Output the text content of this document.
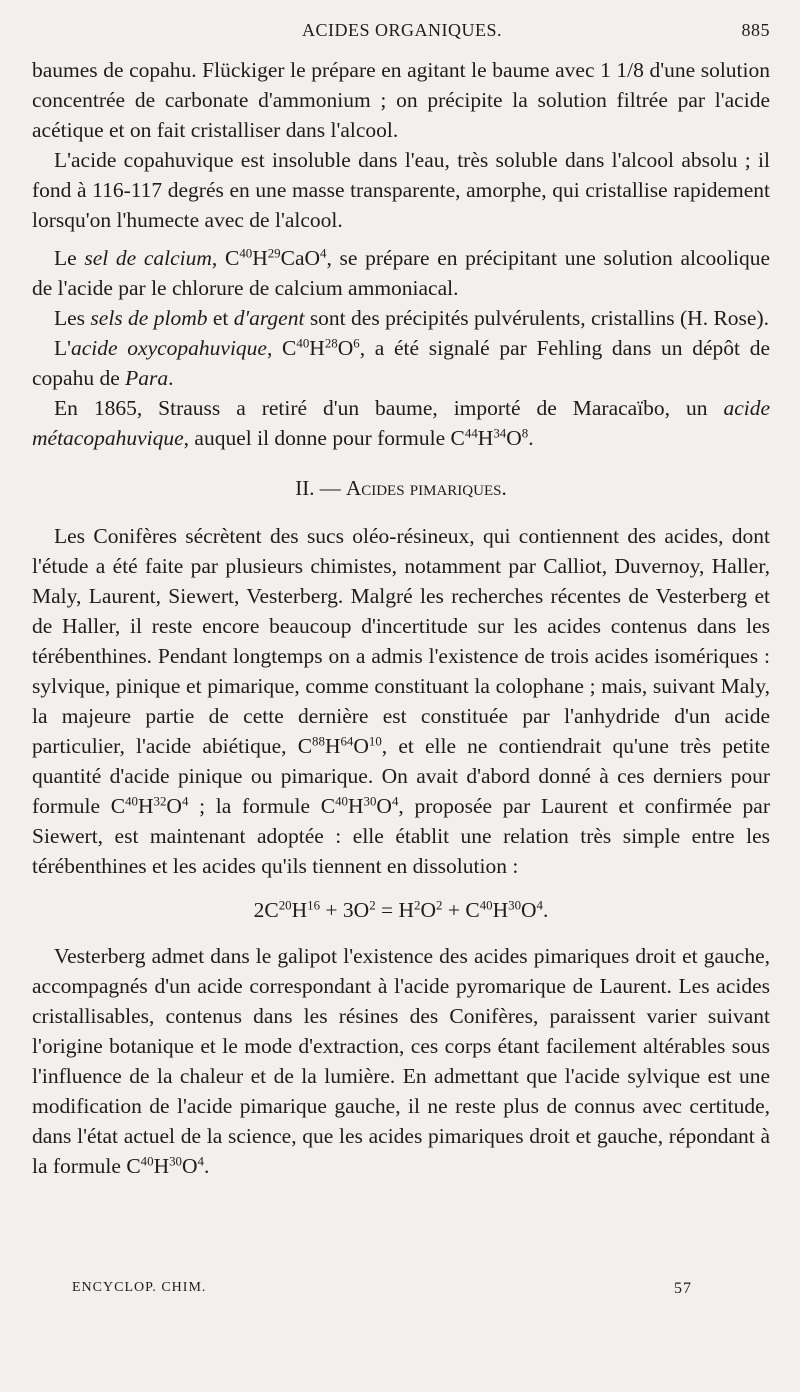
ACIDES ORGANIQUES.	885

baumes de copahu. Flückiger le prépare en agitant le baume avec 1 1/8 d'une solution concentrée de carbonate d'ammonium ; on précipite la solution filtrée par l'acide acétique et on fait cristalliser dans l'alcool.

L'acide copahuvique est insoluble dans l'eau, très soluble dans l'alcool absolu ; il fond à 116-117 degrés en une masse transparente, amorphe, qui cristallise rapidement lorsqu'on l'humecte avec de l'alcool.

Le sel de calcium, $C^{40}H^{29}CaO^4$, se prépare en précipitant une solution alcoolique de l'acide par le chlorure de calcium ammoniacal.

Les sels de plomb et d'argent sont des précipités pulvérulents, cristallins (H. Rose).

L'acide oxycopahuvique, $C^{40}H^{28}O^6$, a été signalé par Fehling dans un dépôt de copahu de Para.

En 1865, Strauss a retiré d'un baume, importé de Maracaïbo, un acide métacopahuvique, auquel il donne pour formule $C^{44}H^{34}O^8$.

II. — Acides pimariques.

Les Conifères sécrètent des sucs oléo-résineux, qui contiennent des acides, dont l'étude a été faite par plusieurs chimistes, notamment par Calliot, Duvernoy, Haller, Maly, Laurent, Siewert, Vesterberg. Malgré les recherches récentes de Vesterberg et de Haller, il reste encore beaucoup d'incertitude sur les acides contenus dans les térébenthines. Pendant longtemps on a admis l'existence de trois acides isomériques : sylvique, pinique et pimarique, comme constituant la colophane ; mais, suivant Maly, la majeure partie de cette dernière est constituée par l'anhydride d'un acide particulier, l'acide abiétique, $C^{88}H^{64}O^{10}$, et elle ne contiendrait qu'une très petite quantité d'acide pinique ou pimarique. On avait d'abord donné à ces derniers pour formule $C^{40}H^{32}O^4$ ; la formule $C^{40}H^{30}O^4$, proposée par Laurent et confirmée par Siewert, est maintenant adoptée : elle établit une relation très simple entre les térébenthines et les acides qu'ils tiennent en dissolution :

$2C^{20}H^{16} + 3O^2 = H^2O^2 + C^{40}H^{30}O^4$.

Vesterberg admet dans le galipot l'existence des acides pimariques droit et gauche, accompagnés d'un acide correspondant à l'acide pyromarique de Laurent. Les acides cristallisables, contenus dans les résines des Conifères, paraissent varier suivant l'origine botanique et le mode d'extraction, ces corps étant facilement altérables sous l'influence de la chaleur et de la lumière. En admettant que l'acide sylvique est une modification de l'acide pimarique gauche, il ne reste plus de connus avec certitude, dans l'état actuel de la science, que les acides pimariques droit et gauche, répondant à la formule $C^{40}H^{30}O^4$.

ENCYCLOP. CHIM.	57
